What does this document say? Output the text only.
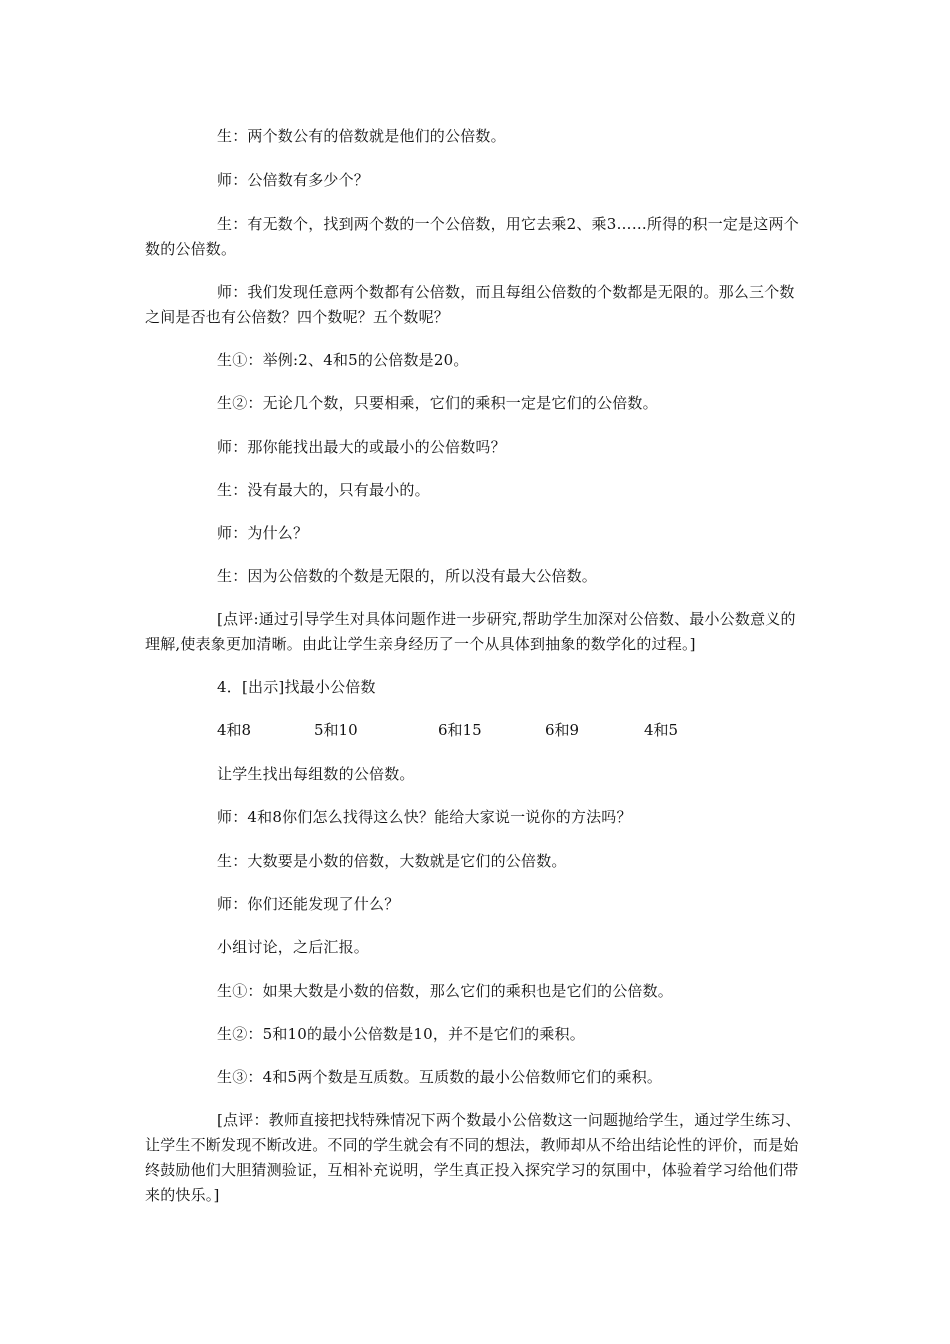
生：两个数公有的倍数就是他们的公倍数。

师：公倍数有多少个？

生：有无数个，找到两个数的一个公倍数，用它去乘2、乘3……所得的积一定是这两个数的公倍数。

师：我们发现任意两个数都有公倍数，而且每组公倍数的个数都是无限的。那么三个数之间是否也有公倍数？四个数呢？五个数呢？

生①：举例:2、4和5的公倍数是20。

生②：无论几个数，只要相乘，它们的乘积一定是它们的公倍数。

师：那你能找出最大的或最小的公倍数吗？

生：没有最大的，只有最小的。

师：为什么？

生：因为公倍数的个数是无限的，所以没有最大公倍数。

[点评:通过引导学生对具体问题作进一步研究,帮助学生加深对公倍数、最小公数意义的理解,使表象更加清晰。由此让学生亲身经历了一个从具体到抽象的数学化的过程。]

4．[出示]找最小公倍数

4和8	5和10	6和15	6和9	4和5

让学生找出每组数的公倍数。

师：4和8你们怎么找得这么快？能给大家说一说你的方法吗？

生：大数要是小数的倍数，大数就是它们的公倍数。

师：你们还能发现了什么？

小组讨论，之后汇报。

生①：如果大数是小数的倍数，那么它们的乘积也是它们的公倍数。

生②：5和10的最小公倍数是10，并不是它们的乘积。

生③：4和5两个数是互质数。互质数的最小公倍数师它们的乘积。

[点评：教师直接把找特殊情况下两个数最小公倍数这一问题抛给学生，通过学生练习、让学生不断发现不断改进。不同的学生就会有不同的想法，教师却从不给出结论性的评价，而是始终鼓励他们大胆猜测验证，互相补充说明，学生真正投入探究学习的氛围中，体验着学习给他们带来的快乐。]
